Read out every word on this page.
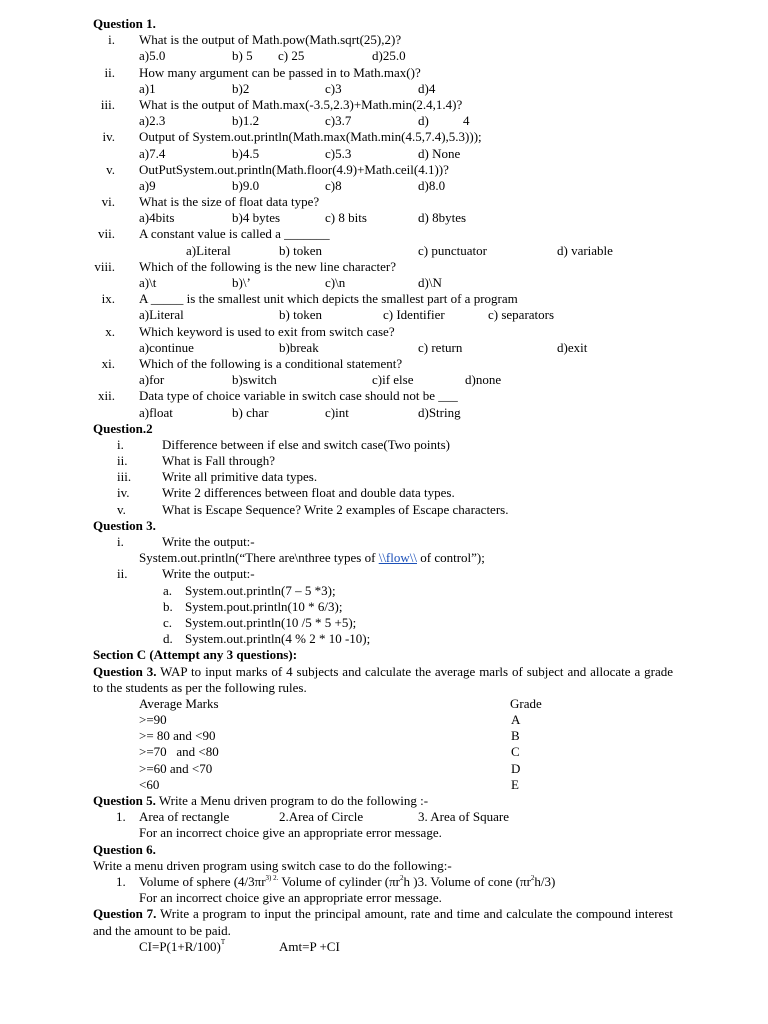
Question 1.
i. What is the output of Math.pow(Math.sqrt(25),2)?
a)5.0	b) 5 c) 25	d)25.0
ii. How many argument can be passed in to Math.max()?
a)1	b)2	c)3	d)4
iii. What is the output of Math.max(-3.5,2.3)+Math.min(2.4,1.4)?
a)2.3	b)1.2	c)3.7	d)	4
iv. Output of System.out.println(Math.max(Math.min(4.5,7.4),5.3)));
a)7.4	b)4.5	c)5.3	d) None
v. OutPutSystem.out.println(Math.floor(4.9)+Math.ceil(4.1))?
a)9	b)9.0	c)8	d)8.0
vi. What is the size of float data type?
a)4bits	b)4 bytes	c) 8 bits	d) 8bytes
vii. A constant value is called a _______
a)Literal	b) token	c) punctuator	d) variable
viii. Which of the following is the new line character?
a)\t	b)\’	c)\n	d)\N
ix. A _____ is the smallest unit which depicts the smallest part of a program
a)Literal	b) token	c) Identifier	c) separators
x. Which keyword is used to exit from switch case?
a)continue	b)break	c) return	d)exit
xi. Which of the following is a conditional statement?
a)for	b)switch	c)if else	d)none
xii. Data type of choice variable in switch case should not be ___
a)float	b) char	c)int	d)String
Question.2
i.	Difference between if else and switch case(Two points)
ii.	What is Fall through?
iii. Write all primitive data types.
iv. Write 2 differences between float and double data types.
v.	What is Escape Sequence? Write 2 examples of Escape characters.
Question 3.
i.	Write the output:-
System.out.println(“There are\nthree types of \\flow\\ of control”);
ii.	Write the output:-
a. System.out.println(7 – 5 *3);
b. System.pout.println(10 * 6/3);
c. System.out.println(10 /5 * 5 +5);
d. System.out.println(4 % 2 * 10 -10);
Section C (Attempt any 3 questions):
Question 3. WAP to input marks of 4 subjects and calculate the average marls of subject and allocate a grade to the students as per the following rules.
Average Marks	Grade
>=90	A
>= 80 and <90	B
>=70   and <80	C
>=60 and <70	D
<60	E
Question 5. Write a Menu driven program to do the following :-
1. Area of rectangle	2.Area of Circle	3. Area of Square
For an incorrect choice give an appropriate error message.
Question 6.
Write a menu driven program using switch case to do the following:-
1. Volume of sphere ($4/3\pi r^{3) 2.}$ Volume of cylinder ($\pi r^2h$ )3. Volume of cone $(\pi r^2h/3)$
For an incorrect choice give an appropriate error message.
Question 7. Write a program to input the principal amount, rate and time and calculate the compound interest and the amount to be paid.
$CI=P(1+R/100)^T$	Amt=P +CI
